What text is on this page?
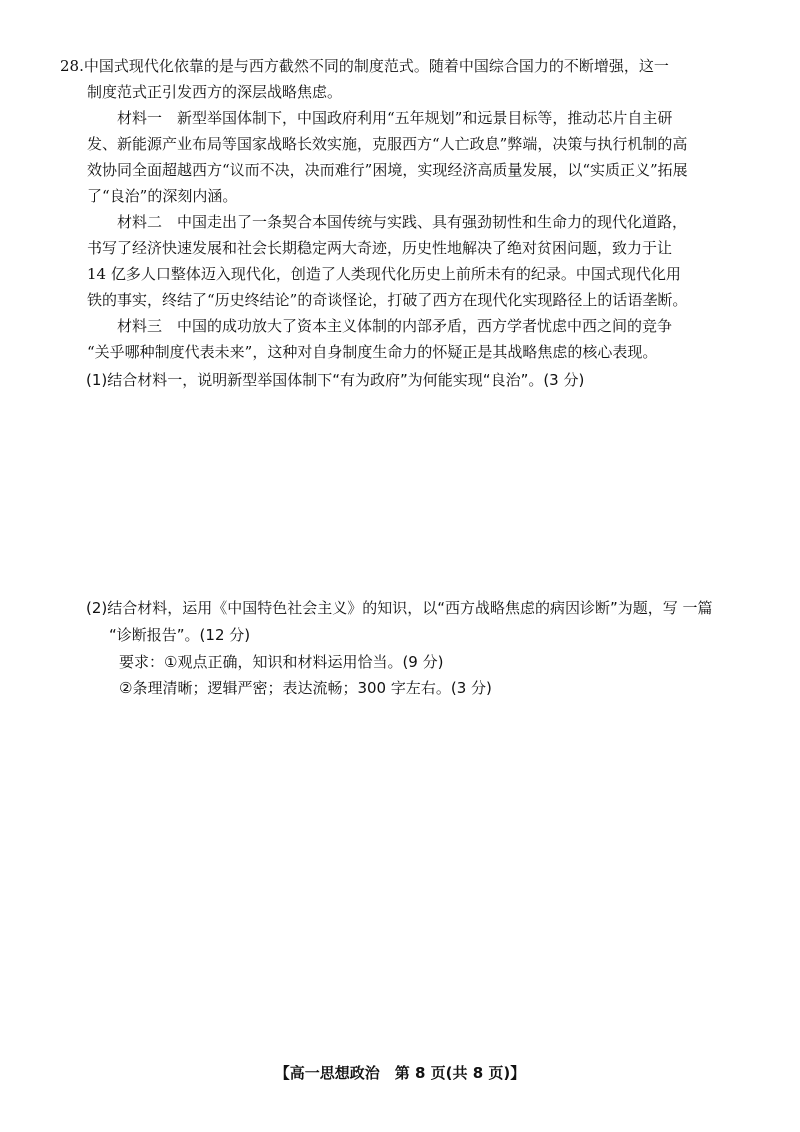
28.中国式现代化依靠的是与西方截然不同的制度范式。随着中国综合国力的不断增强，这一
制度范式正引发西方的深层战略焦虑。
材料一　新型举国体制下，中国政府利用“五年规划”和远景目标等，推动芯片自主研
发、新能源产业布局等国家战略长效实施，克服西方“人亡政息”弊端，决策与执行机制的高
效协同全面超越西方“议而不决，决而难行”困境，实现经济高质量发展，以“实质正义”拓展
了“良治”的深刻内涵。
材料二　中国走出了一条契合本国传统与实践、具有强劲韧性和生命力的现代化道路，
书写了经济快速发展和社会长期稳定两大奇迹，历史性地解决了绝对贫困问题，致力于让
14 亿多人口整体迈入现代化，创造了人类现代化历史上前所未有的纪录。中国式现代化用
铁的事实，终结了“历史终结论”的奇谈怪论，打破了西方在现代化实现路径上的话语垄断。
材料三　中国的成功放大了资本主义体制的内部矛盾，西方学者忧虑中西之间的竞争
“关乎哪种制度代表未来”，这种对自身制度生命力的怀疑正是其战略焦虑的核心表现。
(1)结合材料一，说明新型举国体制下“有为政府”为何能实现“良治”。(3 分)
(2)结合材料，运用《中国特色社会主义》的知识，以“西方战略焦虑的病因诊断”为题，写 一篇
“诊断报告”。(12 分)
要求：①观点正确，知识和材料运用恰当。(9 分)
②条理清晰；逻辑严密；表达流畅；300 字左右。(3 分)
【高一思想政治　第 8 页(共 8 页)】
